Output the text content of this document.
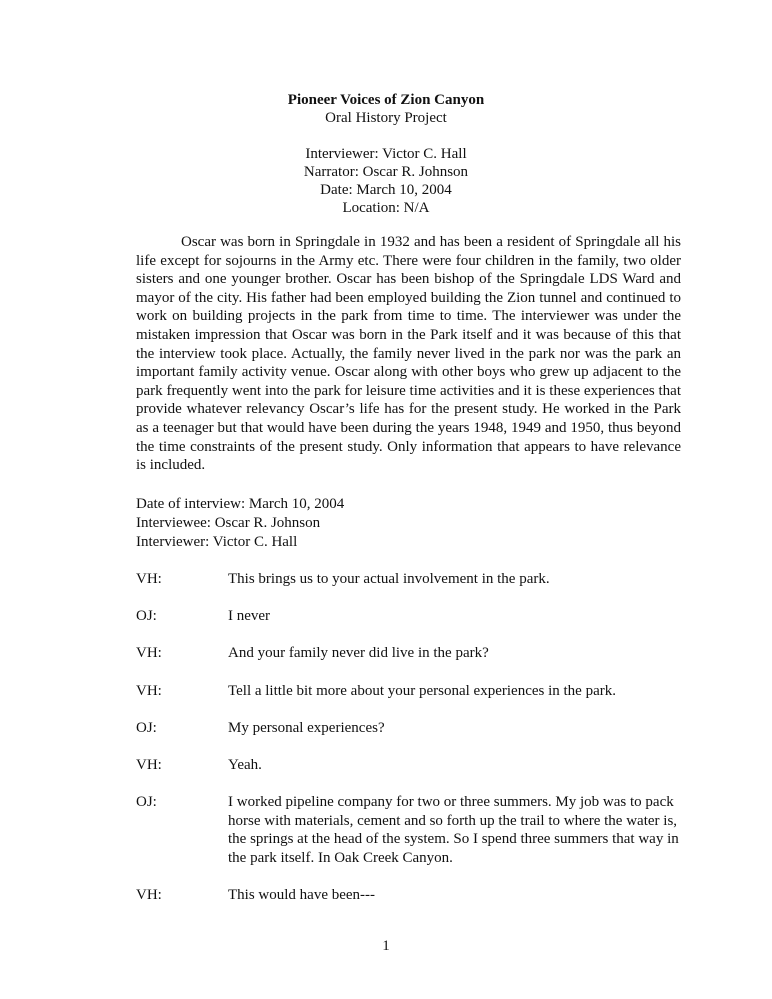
Pioneer Voices of Zion Canyon
Oral History Project
Interviewer: Victor C. Hall
Narrator: Oscar R. Johnson
Date: March 10, 2004
Location: N/A

Oscar was born in Springdale in 1932 and has been a resident of Springdale all his life except for sojourns in the Army etc. There were four children in the family, two older sisters and one younger brother. Oscar has been bishop of the Springdale LDS Ward and mayor of the city. His father had been employed building the Zion tunnel and continued to work on building projects in the park from time to time. The interviewer was under the mistaken impression that Oscar was born in the Park itself and it was because of this that the interview took place. Actually, the family never lived in the park nor was the park an important family activity venue. Oscar along with other boys who grew up adjacent to the park frequently went into the park for leisure time activities and it is these experiences that provide whatever relevancy Oscar’s life has for the present study. He worked in the Park as a teenager but that would have been during the years 1948, 1949 and 1950, thus beyond the time constraints of the present study. Only information that appears to have relevance is included.

Date of interview: March 10, 2004
Interviewee: Oscar R. Johnson
Interviewer: Victor C. Hall
VH:	This brings us to your actual involvement in the park.
OJ:	I never
VH:	And your family never did live in the park?
VH:	Tell a little bit more about your personal experiences in the park.
OJ:	My personal experiences?
VH:	Yeah.
OJ:	I worked pipeline company for two or three summers. My job was to pack horse with materials, cement and so forth up the trail to where the water is, the springs at the head of the system. So I spend three summers that way in the park itself. In Oak Creek Canyon.
VH:	This would have been---
1
